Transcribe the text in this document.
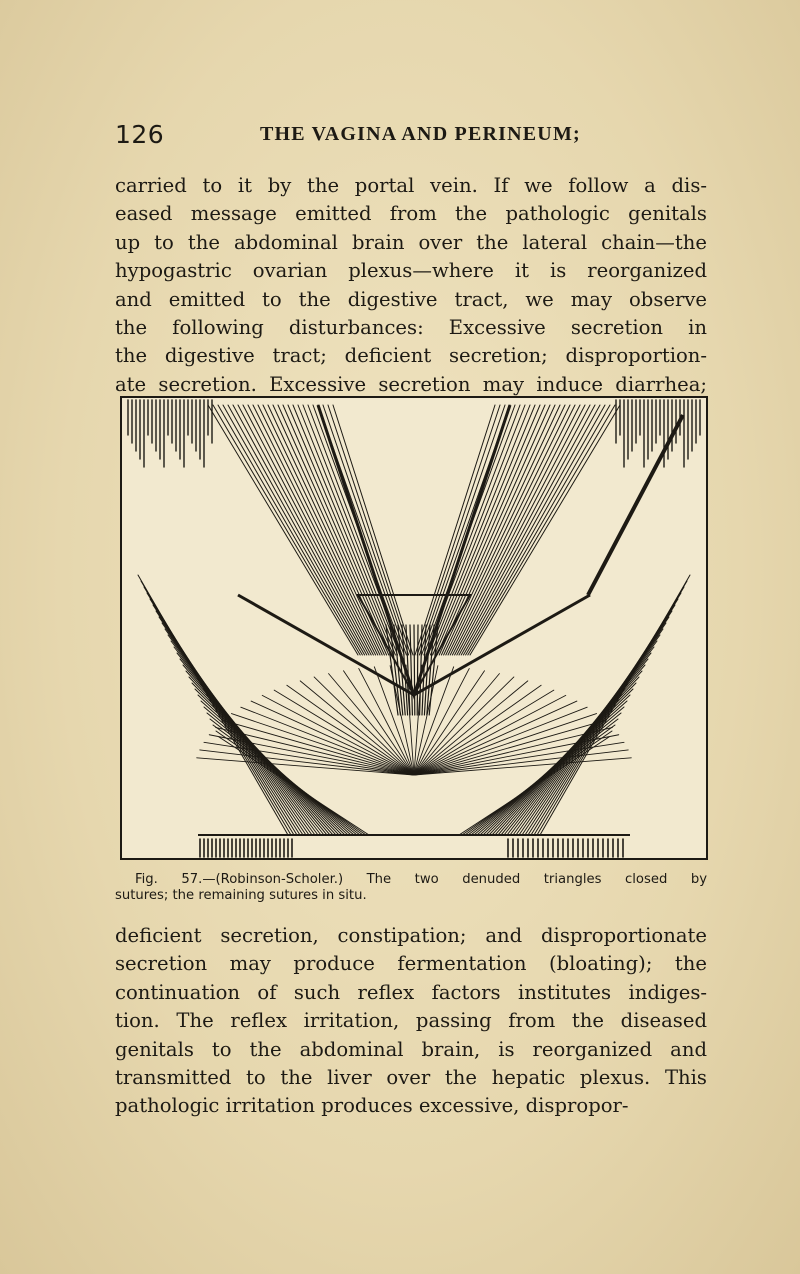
126	THE VAGINA AND PERINEUM;
carried to it by the portal vein. If we follow a dis-
eased message emitted from the pathologic genitals
up to the abdominal brain over the lateral chain—the
hypogastric ovarian plexus—where it is reorganized
and emitted to the digestive tract, we may observe
the following disturbances: Excessive secretion in
the digestive tract; deficient secretion; disproportion-
ate secretion. Excessive secretion may induce diarrhea;
Fig. 57.—(Robinson-Scholer.) The two denuded triangles closed by
sutures; the remaining sutures in situ.
deficient secretion, constipation; and disproportionate
secretion may produce fermentation (bloating); the
continuation of such reflex factors institutes indiges-
tion. The reflex irritation, passing from the diseased
genitals to the abdominal brain, is reorganized and
transmitted to the liver over the hepatic plexus. This
pathologic irritation produces excessive, dispropor-
